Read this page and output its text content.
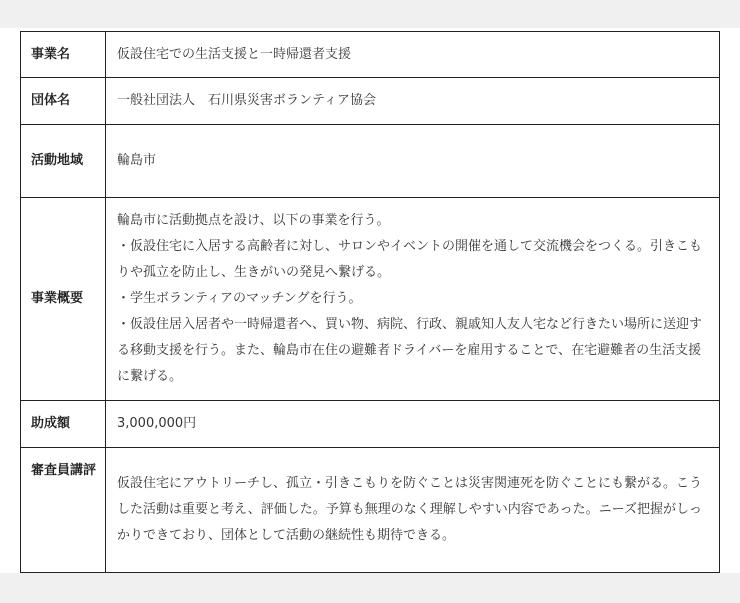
事業名	仮設住宅での生活支援と一時帰還者支援

団体名	一般社団法人　石川県災害ボランティア協会

活動地域	輪島市

事業概要	輪島市に活動拠点を設け、以下の事業を行う。
・仮設住宅に入居する高齢者に対し、サロンやイベントの開催を通して交流機会をつくる。引きこもりや孤立を防止し、生きがいの発見へ繋げる。
・学生ボランティアのマッチングを行う。
・仮設住居入居者や一時帰還者へ、買い物、病院、行政、親戚知人友人宅など行きたい場所に送迎する移動支援を行う。また、輪島市在住の避難者ドライバーを雇用することで、在宅避難者の生活支援に繋げる。

助成額	3,000,000円

審査員講評	仮設住宅にアウトリーチし、孤立・引きこもりを防ぐことは災害関連死を防ぐことにも繋がる。こうした活動は重要と考え、評価した。予算も無理のなく理解しやすい内容であった。ニーズ把握がしっかりできており、団体として活動の継続性も期待できる。
